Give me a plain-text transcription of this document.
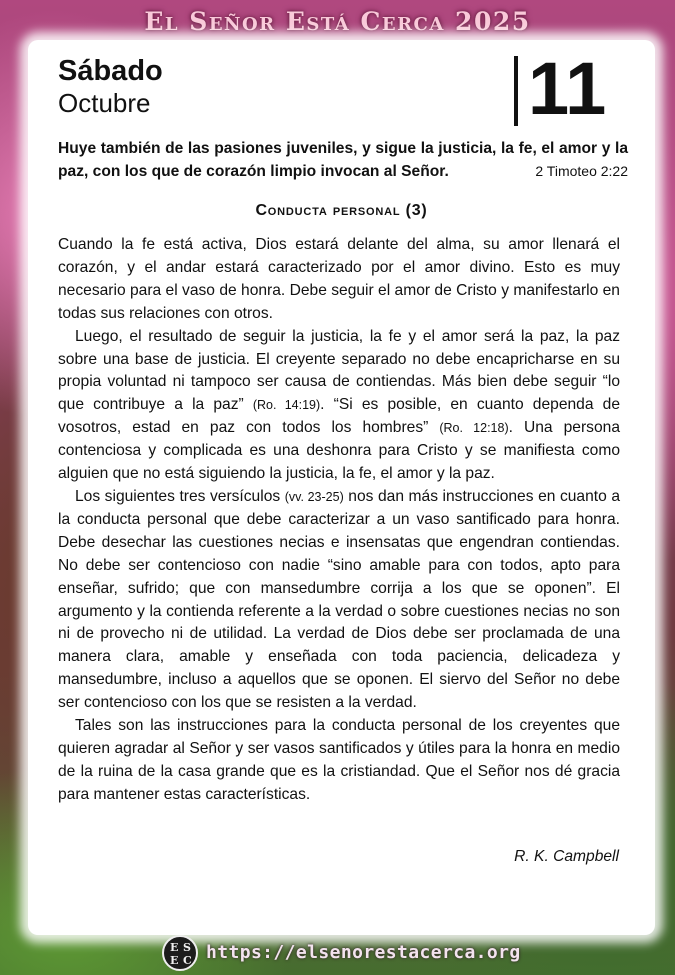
El Señor Está Cerca 2025
Sábado
Octubre	11
Huye también de las pasiones juveniles, y sigue la justicia, la fe, el amor y la paz, con los que de corazón limpio invocan al Señor.	2 Timoteo 2:22
Conducta personal (3)

Cuando la fe está activa, Dios estará delante del alma, su amor llenará el corazón, y el andar estará caracterizado por el amor divino. Esto es muy necesario para el vaso de honra. Debe seguir el amor de Cristo y manifestarlo en todas sus relaciones con otros.

Luego, el resultado de seguir la justicia, la fe y el amor será la paz, la paz sobre una base de justicia. El creyente separado no debe encapricharse en su propia voluntad ni tampoco ser causa de contiendas. Más bien debe seguir “lo que contribuye a la paz” (Ro. 14:19). “Si es posible, en cuanto dependa de vosotros, estad en paz con todos los hombres” (Ro. 12:18). Una persona contenciosa y complicada es una deshonra para Cristo y se manifiesta como alguien que no está siguiendo la justicia, la fe, el amor y la paz.

Los siguientes tres versículos (vv. 23-25) nos dan más instrucciones en cuanto a la conducta personal que debe caracterizar a un vaso santificado para honra. Debe desechar las cuestiones necias e insensatas que engendran contiendas. No debe ser contencioso con nadie “sino amable para con todos, apto para enseñar, sufrido; que con mansedumbre corrija a los que se oponen”. El argumento y la contienda referente a la verdad o sobre cuestiones necias no son ni de provecho ni de utilidad. La verdad de Dios debe ser proclamada de una manera clara, amable y enseñada con toda paciencia, delicadeza y mansedumbre, incluso a aquellos que se oponen. El siervo del Señor no debe ser contencioso con los que se resisten a la verdad.

Tales son las instrucciones para la conducta personal de los creyentes que quieren agradar al Señor y ser vasos santificados y útiles para la honra en medio de la ruina de la casa grande que es la cristiandad. Que el Señor nos dé gracia para mantener estas características.

R. K. Campbell
E S
E C https://elsenorestacerca.org
